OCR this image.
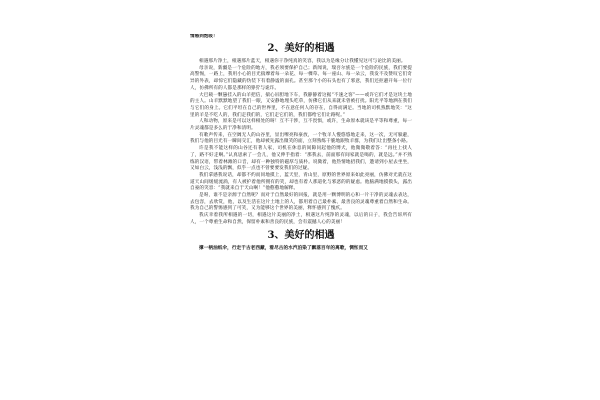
情感到饱吸！

2、美好的相遇

相遇那片净土，相遇那片蓝天，相遇你干净纯真的笑容，我以为是缘分让我懂见这可与论比的美丽。

母亲说，新疆是一个危险的地方，我必须要保护自己；新闻说，瑞吾尔族是一个危险的民族，我们要提高警惕，一路上，我用小心的目光揣摩着每一朵花、每一棵草、每一座山、每一朵云，我发不及赞叹它们奇异的外表，却惊它们隐藏的伪装下有着静谧的面孔。甚至那个小的石头也有了邪意，我们还拒避开每一位行人，仿佛所有的人都是那样的狰狞与诡诈。

大巴载一颗悬挂入的山羊把信，揣心吊胆地下车，我静静着这据“不速之客”——或许它们才是这块土地的主人。山羊默默地望了我们一眼，又安静地埋头吃草，仿佛它们从来就未曾被打扰。阳光平等地洒在我们与它们的身上。它们平坦在自己的世界里，不在意任何人的存在，自得而满足。当地的司机熟默地笑：“这里的羊是不吃人的，我们走我们的，它们走它们的，我们都给它们让路呢。”

人和动物，原来是可以这样相处的呀！互不干涉，互不畏惧，或许，生命原本就该是平等和尊重，每一片灵魂都是多么的于净和清明。

有歌声传来，在空阔无人的山谷里，显出嘹亮和豪放，一个牧羊人慢悠悠地走来，这一次，无可躲避，我们与他的目光有一瞬间交汇，他却被先露出微笑的面，立刻熟练干脆地跟牧羊群，为我们让出整条小路。

许是我不能这样的山谷还有著人家，司机在休息的间隙问起他的博犬，他微微敬着答：“再往上找人了，路不好走啊。”认真思索了一会儿，他又伸手指着：“那我去，前面那有间家就是喝的，就是远。”并不熟练的汉语，带着林滩的口音，却有一种独特的磁厚与质朴。说微着，他热情地招我们，邀请到小屋去坐坐，又如白云，浅浅的飘，似乎一点也不曾要要发我们的过疑。

我们拿感我说话，却都不约而同地摸上，蓝天里，青山里，原野的世界原来如此亮丽，仿佛对光就在这道天山间缓缓流淌，有人被护着他所拥有的笑，却也有着人那道化与邪恶的的疑虑。他脑满地摸摸头，露出自豪的笑容：“我就来自于天山啊！”他憨憨地解释。

是呀，谁不是亲源于自然呢？而对于自然最好的回报，就是用一颗博明的心和一片干净的灵魂去表达，去包容，去欣赏，他，以及生活在这片土地上的人，都用着自己最朴素、最善良的灵魂尊重着自然和生命。我为自己的警惕感到了可笑，又为能够这个世界的美丽，释怀感到了愧疚。

我庆幸着我所相遇的一切，相遇这片美丽的净土，相遇这片纯净的灵魂，以后的日子，我会告诉所有人，一个尊重生命和自然，保留朴素和善良的民族，会有震撼人心的美丽！

3、美好的相遇

撑一柄油纸伞，行走于古老西藏，看尽古的水汽泊染了飘落百年的离歌，惆怅而又
